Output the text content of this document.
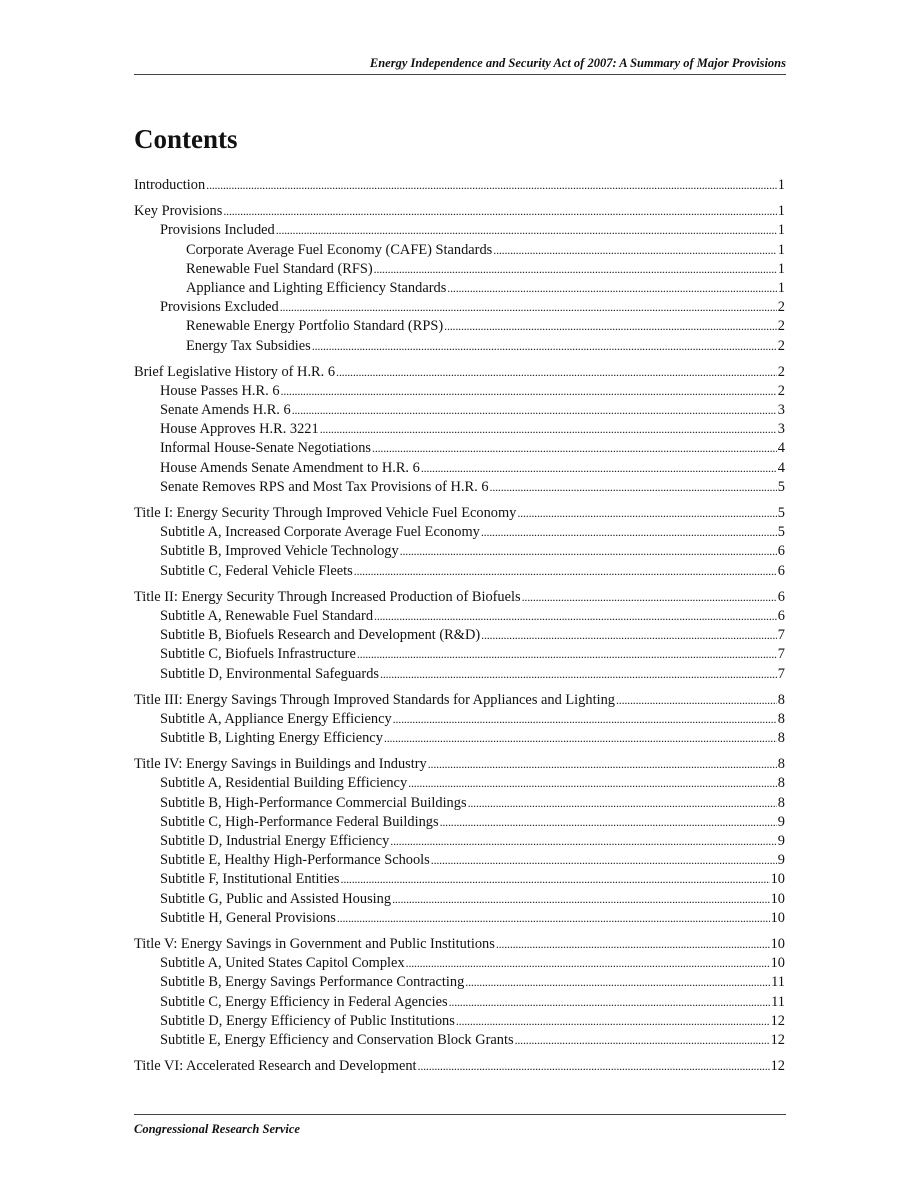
Energy Independence and Security Act of 2007: A Summary of Major Provisions
Contents
Introduction . . .	1
Key Provisions . . .	1
Provisions Included . . .	1
Corporate Average Fuel Economy (CAFE) Standards . . .	1
Renewable Fuel Standard (RFS) . . .	1
Appliance and Lighting Efficiency Standards . . .	1
Provisions Excluded . . .	2
Renewable Energy Portfolio Standard (RPS) . . .	2
Energy Tax Subsidies . . .	2
Brief Legislative History of H.R. 6 . . .	2
House Passes H.R. 6 . . .	2
Senate Amends H.R. 6 . . .	3
House Approves H.R. 3221 . . .	3
Informal House-Senate Negotiations . . .	4
House Amends Senate Amendment to H.R. 6 . . .	4
Senate Removes RPS and Most Tax Provisions of H.R. 6 . . .	5
Title I: Energy Security Through Improved Vehicle Fuel Economy . . .	5
Subtitle A, Increased Corporate Average Fuel Economy . . .	5
Subtitle B, Improved Vehicle Technology . . .	6
Subtitle C, Federal Vehicle Fleets . . .	6
Title II: Energy Security Through Increased Production of Biofuels . . .	6
Subtitle A, Renewable Fuel Standard . . .	6
Subtitle B, Biofuels Research and Development (R&D) . . .	7
Subtitle C, Biofuels Infrastructure . . .	7
Subtitle D, Environmental Safeguards . . .	7
Title III: Energy Savings Through Improved Standards for Appliances and Lighting . . .	8
Subtitle A, Appliance Energy Efficiency . . .	8
Subtitle B, Lighting Energy Efficiency . . .	8
Title IV: Energy Savings in Buildings and Industry . . .	8
Subtitle A, Residential Building Efficiency . . .	8
Subtitle B, High-Performance Commercial Buildings . . .	8
Subtitle C, High-Performance Federal Buildings . . .	9
Subtitle D, Industrial Energy Efficiency . . .	9
Subtitle E, Healthy High-Performance Schools . . .	9
Subtitle F, Institutional Entities . . .	10
Subtitle G, Public and Assisted Housing . . .	10
Subtitle H, General Provisions . . .	10
Title V: Energy Savings in Government and Public Institutions . . .	10
Subtitle A, United States Capitol Complex . . .	10
Subtitle B, Energy Savings Performance Contracting . . .	11
Subtitle C, Energy Efficiency in Federal Agencies . . .	11
Subtitle D, Energy Efficiency of Public Institutions . . .	12
Subtitle E, Energy Efficiency and Conservation Block Grants . . .	12
Title VI: Accelerated Research and Development . . .	12
Congressional Research Service
